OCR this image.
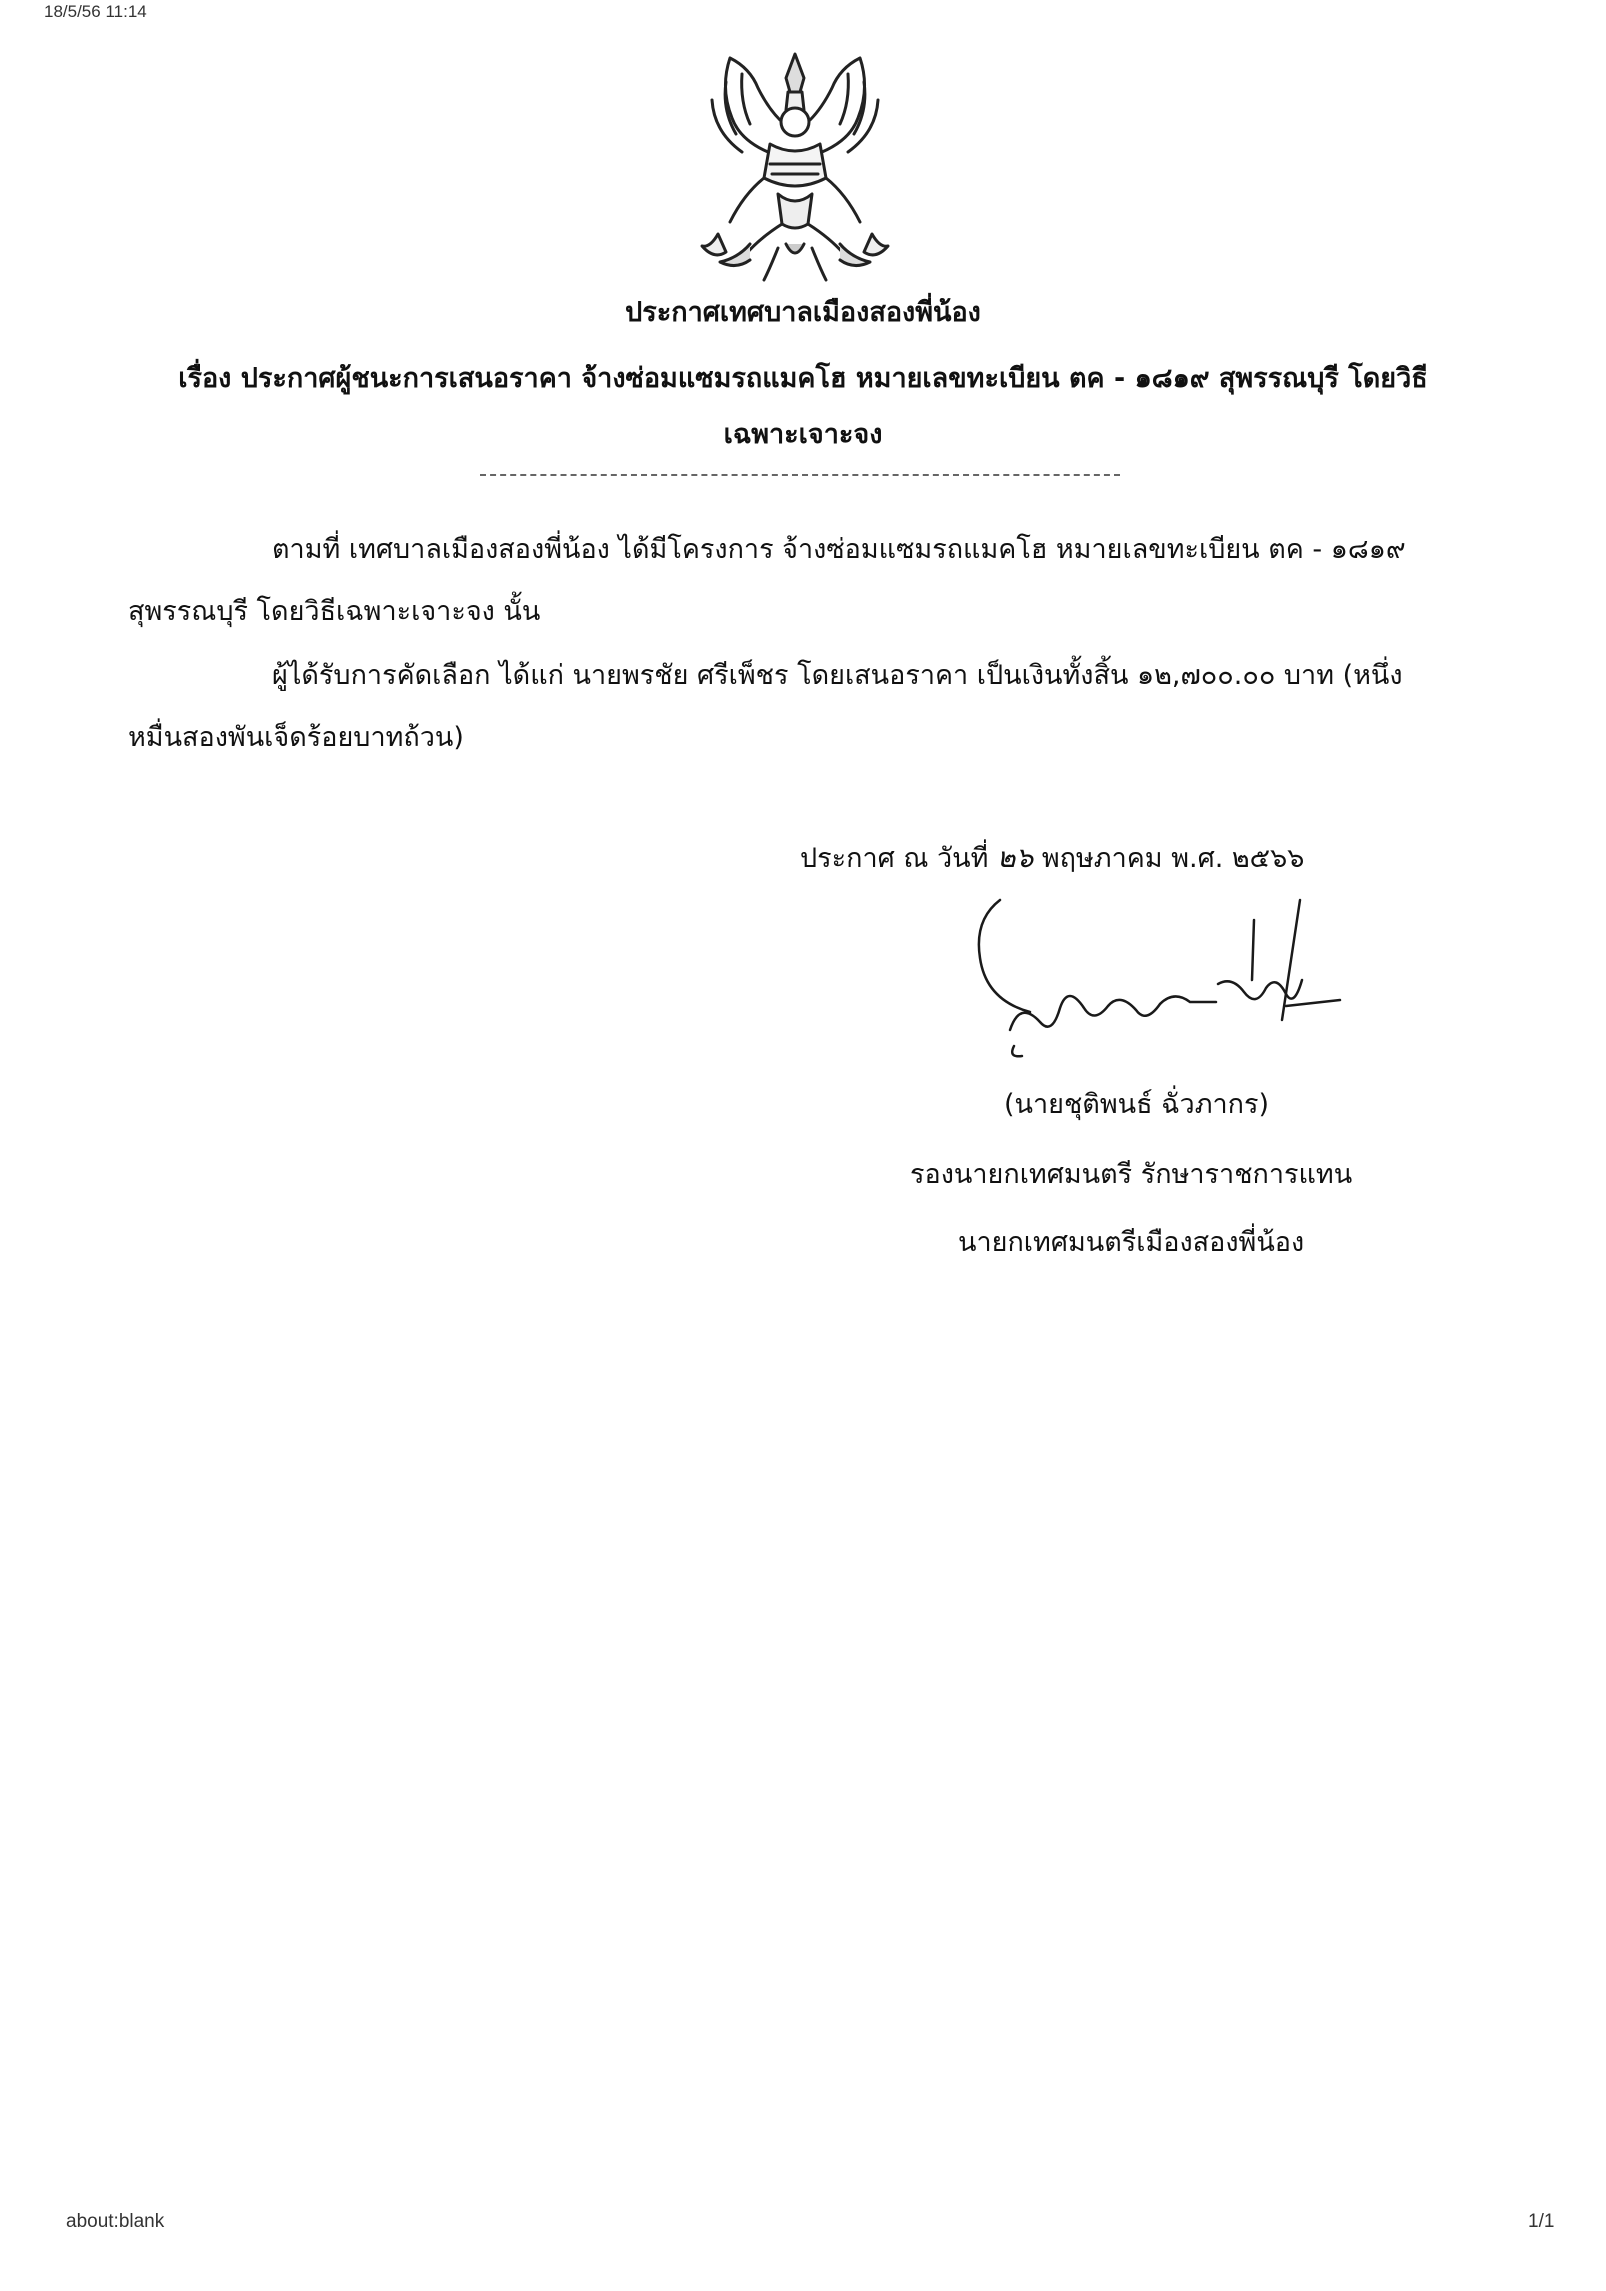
18/5/56 11:14
ประกาศเทศบาลเมืองสองพี่น้อง
เรื่อง ประกาศผู้ชนะการเสนอราคา จ้างซ่อมแซมรถแมคโฮ หมายเลขทะเบียน ตค - ๑๘๑๙ สุพรรณบุรี โดยวิธี
เฉพาะเจาะจง
ตามที่ เทศบาลเมืองสองพี่น้อง ได้มีโครงการ จ้างซ่อมแซมรถแมคโฮ หมายเลขทะเบียน ตค - ๑๘๑๙
สุพรรณบุรี โดยวิธีเฉพาะเจาะจง นั้น
ผู้ได้รับการคัดเลือก ได้แก่ นายพรชัย ศรีเพ็ชร โดยเสนอราคา เป็นเงินทั้งสิ้น ๑๒,๗๐๐.๐๐ บาท (หนึ่ง
หมื่นสองพันเจ็ดร้อยบาทถ้วน)
ประกาศ ณ วันที่ ๒๖ พฤษภาคม พ.ศ. ๒๕๖๖
(นายชุติพนธ์ ฉั่วภากร)
รองนายกเทศมนตรี รักษาราชการแทน
นายกเทศมนตรีเมืองสองพี่น้อง
about:blank	1/1
